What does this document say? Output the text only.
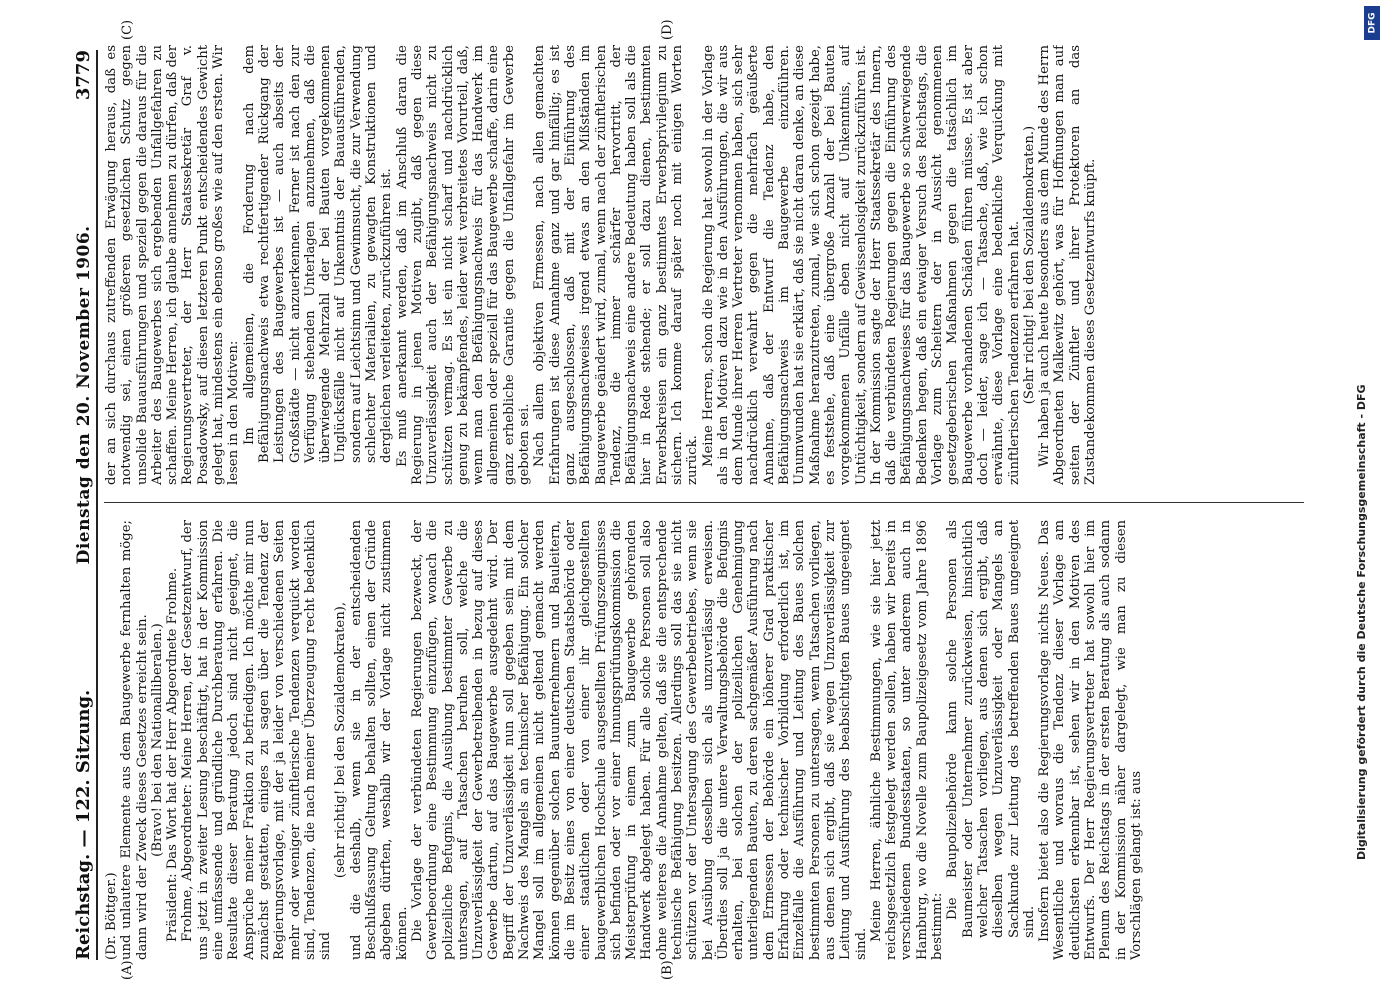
Reichstag. — 122. Sitzung.
Dienstag den 20. November 1906.
3779
(A)	(B)
(C)	(D)

(Dr. Böttger.) und unlautere Elemente aus dem Baugewerbe fernhalten möge; dann wird der Zweck dieses Gesetzes erreicht sein. (Bravo! bei den Nationalliberalen.) Präsident: Das Wort hat der Herr Abgeordnete Frohme. Frohme, Abgeordneter: Meine Herren, der Gesetzentwurf, der uns jetzt in zweiter Lesung beschäftigt, hat in der Kommission eine umfassende und gründliche Durchberatung erfahren. Die Resultate dieser Beratung jedoch sind nicht geeignet, die Ansprüche meiner Fraktion zu befriedigen. Ich möchte mir nun zunächst gestatten, einiges zu sagen über die Tendenz der Regierungsvorlage, mit der ja leider von verschiedenen Seiten mehr oder weniger zünftlerische Tendenzen verquickt worden sind, Tendenzen, die nach meiner Überzeugung recht bedenklich sind

(sehr richtig! bei den Sozialdemokraten), und die deshalb, wenn sie in der entscheidenden Beschlußfassung Geltung behalten sollten, einen der Gründe abgeben dürften, weshalb wir der Vorlage nicht zustimmen können. Die Vorlage der verbündeten Regierungen bezweckt, der Gewerbeordnung eine Bestimmung einzufügen, wonach die polizeiliche Befugnis, die Ausübung bestimmter Gewerbe zu untersagen, auf Tatsachen beruhen soll, welche die Unzuverlässigkeit der Gewerbetreibenden in bezug auf dieses Gewerbe dartun, auf das Baugewerbe ausgedehnt wird. Der Begriff der Unzuverlässigkeit nun soll gegeben sein mit dem Nachweis des Mangels an technischer Befähigung. Ein solcher Mangel soll im allgemeinen nicht geltend gemacht werden können gegenüber solchen Bauunternehmern und Bauleitern, die im Besitz eines von einer deutschen Staatsbehörde oder einer staatlichen oder von einer ihr gleichgestellten baugewerblichen Hochschule ausgestellten Prüfungszeugnisses sich befinden oder vor einer Innungsprüfungskommission die Meisterprüfung in einem zum Baugewerbe gehörenden Handwerk abgelegt haben. Für alle solche Personen soll also ohne weiteres die Annahme gelten, daß sie die entsprechende technische Befähigung besitzen. Allerdings soll das sie nicht schützen vor der Untersagung des Gewerbebetriebes, wenn sie bei Ausübung desselben sich als unzuverlässig erweisen. Überdies soll ja die untere Verwaltungsbehörde die Befugnis erhalten, bei solchen der polizeilichen Genehmigung unterliegenden Bauten, zu deren sachgemäßer Ausführung nach dem Ermessen der Behörde ein höherer Grad praktischer Erfahrung oder technischer Vorbildung erforderlich ist, im Einzelfalle die Ausführung und Leitung des Baues solchen bestimmten Personen zu untersagen, wenn Tatsachen vorliegen, aus denen sich ergibt, daß sie wegen Unzuverlässigkeit zur Leitung und Ausführung des beabsichtigten Baues ungeeignet sind.

Meine Herren, ähnliche Bestimmungen, wie sie hier jetzt reichsgesetzlich festgelegt werden sollen, haben wir bereits in verschiedenen Bundesstaaten, so unter anderem auch in Hamburg, wo die Novelle zum Baupolizeigesetz vom Jahre 1896 bestimmt:

Die Baupolizeibehörde kann solche Personen als Baumeister oder Unternehmer zurückweisen, hinsichtlich welcher Tatsachen vorliegen, aus denen sich ergibt, daß dieselben wegen Unzuverlässigkeit oder Mangels an Sachkunde zur Leitung des betreffenden Baues ungeeignet sind. Insofern bietet also die Regierungsvorlage nichts Neues. Das Wesentliche und woraus die Tendenz dieser Vorlage am deutlichsten erkennbar ist, sehen wir in den Motiven des Entwurfs. Der Herr Regierungsvertreter hat sowohl hier im Plenum des Reichstags in der ersten Beratung als auch sodann in der Kommission näher dargelegt, wie man zu diesen Vorschlägen gelangt ist: aus

der an sich durchaus zutreffenden Erwägung heraus, daß es notwendig sei, einen größeren gesetzlichen Schutz gegen unsolide Bauausführungen und speziell gegen die daraus für die Arbeiter des Baugewerbes sich ergebenden Unfallgefahren zu schaffen. Meine Herren, ich glaube annehmen zu dürfen, daß der Regierungsvertreter, der Herr Staatssekretär Graf v. Posadowsky, auf diesen letzteren Punkt entscheidendes Gewicht gelegt hat, mindestens ein ebenso großes wie auf den ersten. Wir lesen in den Motiven: Im allgemeinen, die Forderung nach dem Befähigungsnachweis etwa rechtfertigender Rückgang der Leistungen des Baugewerbes ist — auch abseits der Großstädte — nicht anzuerkennen. Ferner ist nach den zur Verfügung stehenden Unterlagen anzunehmen, daß die überwiegende Mehrzahl der bei Bauten vorgekommenen Unglücksfälle nicht auf Unkenntnis der Bauausführenden, sondern auf Leichtsinn und Gewinnsucht, die zur Verwendung schlechter Materialien, zu gewagten Konstruktionen und dergleichen verleiteten, zurückzuführen ist. Es muß anerkannt werden, daß im Anschluß daran die Regierung in jenen Motiven zugibt, daß gegen diese Unzuverlässigkeit auch der Befähigungsnachweis nicht zu schützen vermag. Es ist ein nicht scharf und nachdrücklich genug zu bekämpfendes, leider weit verbreitetes Vorurteil, daß, wenn man den Befähigungsnachweis für das Handwerk im allgemeinen oder speziell für das Baugewerbe schaffe, darin eine ganz erhebliche Garantie gegen die Unfallgefahr im Gewerbe geboten sei. Nach allem objektiven Ermessen, nach allen gemachten Erfahrungen ist diese Annahme ganz und gar hinfällig; es ist ganz ausgeschlossen, daß mit der Einführung des Befähigungsnachweises irgend etwas an den Mißständen im Baugewerbe geändert wird, zumal, wenn nach der zünftlerischen Tendenz, die immer schärfer hervortritt, der Befähigungsnachweis eine andere Bedeutung haben soll als die hier in Rede stehende; er soll dazu dienen, bestimmten Erwerbskreisen ein ganz bestimmtes Erwerbsprivilegium zu sichern. Ich komme darauf später noch mit einigen Worten zurück. Meine Herren, schon die Regierung hat sowohl in der Vorlage als in den Motiven dazu wie in den Ausführungen, die wir aus dem Munde ihrer Herren Vertreter vernommen haben, sich sehr nachdrücklich verwahrt gegen die mehrfach geäußerte Annahme, daß der Entwurf die Tendenz habe, den Befähigungsnachweis im Baugewerbe einzuführen. Unumwunden hat sie erklärt, daß sie nicht daran denke, an diese Maßnahme heranzutreten, zumal, wie sich schon gezeigt habe, es feststehe, daß eine übergroße Anzahl der bei Bauten vorgekommenen Unfälle eben nicht auf Unkenntnis, auf Untüchtigkeit, sondern auf Gewissenlosigkeit zurückzuführen ist. In der Kommission sagte der Herr Staatssekretär des Innern, daß die verbündeten Regierungen gegen die Einführung des Befähigungsnachweises für das Baugewerbe so schwerwiegende Bedenken hegen, daß ein etwaiger Versuch des Reichstags, die Vorlage zum Scheitern der in Aussicht genommenen gesetzgeberischen Maßnahmen gegen die tatsächlich im Baugewerbe vorhandenen Schäden führen müsse. Es ist aber doch — leider, sage ich — Tatsache, daß, wie ich schon erwähnte, diese Vorlage eine bedenkliche Verquickung mit zünftlerischen Tendenzen erfahren hat. (Sehr richtig! bei den Sozialdemokraten.) Wir haben ja auch heute besonders aus dem Munde des Herrn Abgeordneten Malkewitz gehört, was für Hoffnungen man auf seiten der Zünftler und ihrer Protektoren an das Zustandekommen dieses Gesetzentwurfs knüpft.

Digitalisierung gefördert durch die Deutsche Forschungsgemeinschaft - DFG
DFG
